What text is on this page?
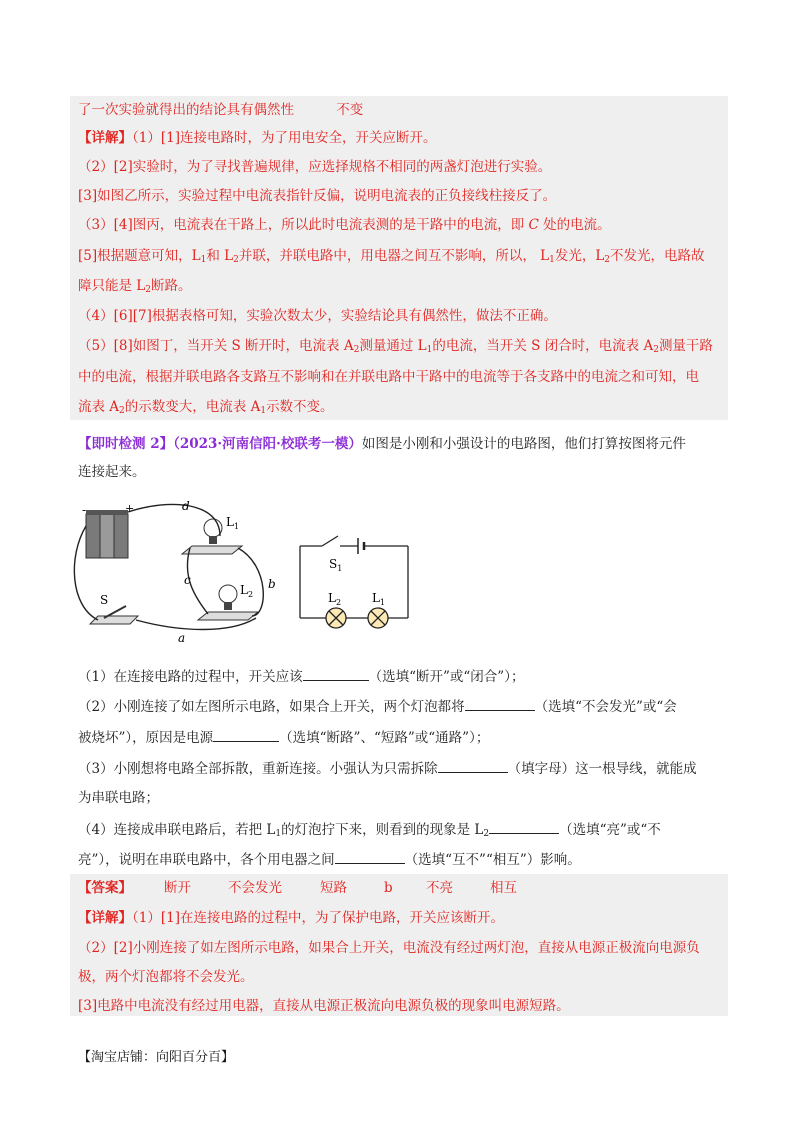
了一次实验就得出的结论具有偶然性	不变
【详解】（1）[1]连接电路时，为了用电安全，开关应断开。
（2）[2]实验时，为了寻找普遍规律，应选择规格不相同的两盏灯泡进行实验。
[3]如图乙所示，实验过程中电流表指针反偏，说明电流表的正负接线柱接反了。
（3）[4]图丙，电流表在干路上，所以此时电流表测的是干路中的电流，即 C 处的电流。
[5]根据题意可知，$L_1$和 $L_2$并联，并联电路中，用电器之间互不影响，所以， $L_1$发光，$L_2$不发光，电路故
障只能是 $L_2$断路。
（4）[6][7]根据表格可知，实验次数太少，实验结论具有偶然性，做法不正确。
（5）[8]如图丁，当开关 S 断开时，电流表 $A_2$测量通过 $L_1$的电流，当开关 S 闭合时，电流表 $A_2$测量干路
中的电流，根据并联电路各支路互不影响和在并联电路中干路中的电流等于各支路中的电流之和可知，电
流表 $A_2$的示数变大，电流表 $A_1$示数不变。
【即时检测 2】（2023·河南信阳·校联考一模）如图是小刚和小强设计的电路图，他们打算按图将元件
连接起来。
-	+	d
c	b
a
S
$L_1$
$L_2$
$S_1$
$L_2$	$L_1$
（1）在连接电路的过程中，开关应该	（选填“断开”或“闭合”）；
（2）小刚连接了如左图所示电路，如果合上开关，两个灯泡都将	（选填“不会发光”或“会
被烧坏”），原因是电源	（选填“断路”、“短路”或“通路”）；
（3）小刚想将电路全部拆散，重新连接。小强认为只需拆除	（填字母）这一根导线，就能成
为串联电路；
（4）连接成串联电路后，若把 $L_1$的灯泡拧下来，则看到的现象是 $L_2$	（选填“亮”或“不
亮”），说明在串联电路中，各个用电器之间	（选填“互不”“相互”）影响。
【答案】 断开	不会发光	短路	b 不亮	相互
【详解】（1）[1]在连接电路的过程中，为了保护电路，开关应该断开。
（2）[2]小刚连接了如左图所示电路，如果合上开关，电流没有经过两灯泡，直接从电源正极流向电源负
极，两个灯泡都将不会发光。
[3]电路中电流没有经过用电器，直接从电源正极流向电源负极的现象叫电源短路。
【淘宝店铺：向阳百分百】
